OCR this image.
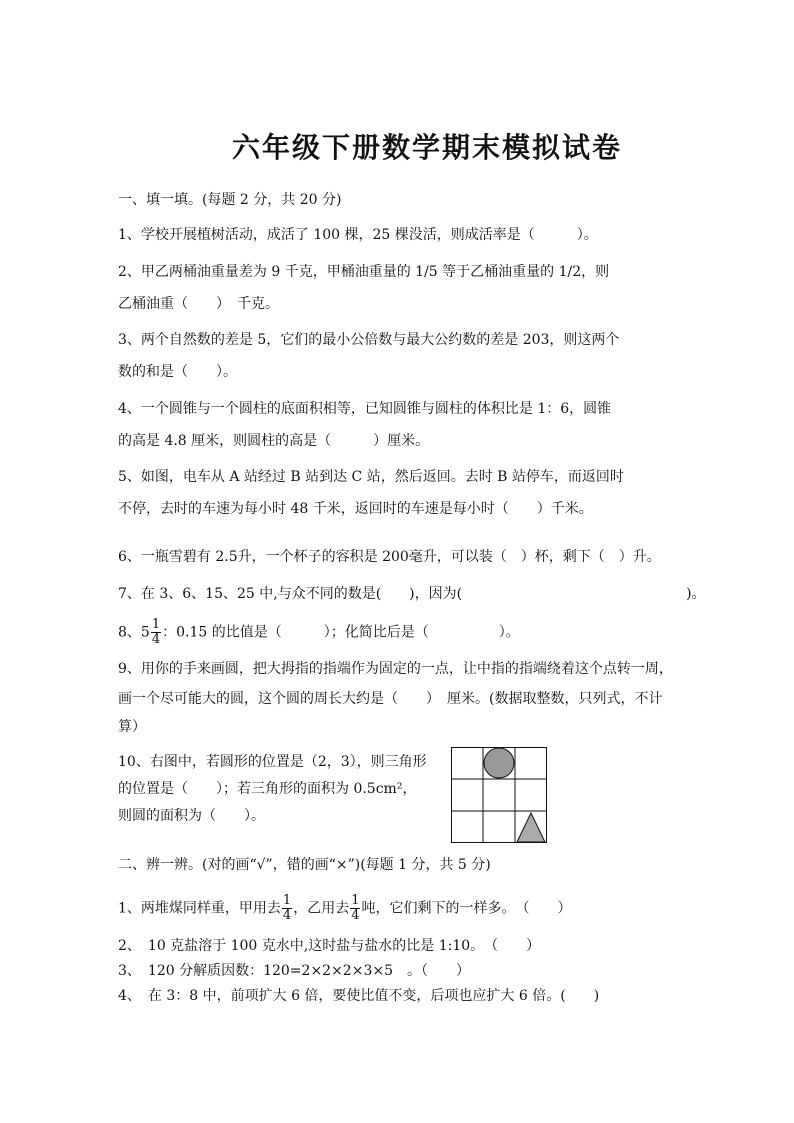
六年级下册数学期末模拟试卷
一、填一填。(每题 2 分，共 20 分)
1、学校开展植树活动，成活了 100 棵，25 棵没活，则成活率是（　　　）。
2、甲乙两桶油重量差为 9 千克，甲桶油重量的 1/5 等于乙桶油重量的 1/2，则
乙桶油重（　　）　千克。
3、两个自然数的差是 5，它们的最小公倍数与最大公约数的差是 203，则这两个
数的和是（　　）。
4、一个圆锥与一个圆柱的底面积相等，已知圆锥与圆柱的体积比是 1：6，圆锥
的高是 4.8 厘米，则圆柱的高是（　　　）厘米。
5、如图，电车从 A 站经过 B 站到达 C 站，然后返回。去时 B 站停车，而返回时
不停，去时的车速为每小时 48 千米，返回时的车速是每小时（　　）千米。
6、一瓶雪碧有 2.5升，一个杯子的容积是 200毫升，可以装（　）杯，剩下（　）升。
7、在 3、6、15、25 中,与众不同的数是(　　)，因为(　　　　　　　　　　　　　　　　)。
8、$5 \frac{1}{4}$ ：0.15 的比值是（　　　）；化简比后是（　　　　　）。
9、用你的手来画圆，把大拇指的指端作为固定的一点，让中指的指端绕着这个点转一周，
画一个尽可能大的圆，这个圆的周长大约是（　　）　厘米。(数据取整数，只列式，不计
算）
10、右图中，若圆形的位置是（2，3），则三角形
的位置是（　　）；若三角形的面积为 0.5cm²，
则圆的面积为（　　）。
二、辨一辨。(对的画“√”，错的画“×”)(每题 1 分，共 5 分)
1、两堆煤同样重，甲用去 $\frac{1}{4}$ ，乙用去 $\frac{1}{4}$ 吨，它们剩下的一样多。　（　　）
2、　10 克盐溶于 100 克水中,这时盐与盐水的比是 1:10。　（　　）
3、　120 分解质因数：120=2×2×2×3×5　。（　　）
4、　在 3：8 中，前项扩大 6 倍，要使比值不变，后项也应扩大 6 倍。(　　)
